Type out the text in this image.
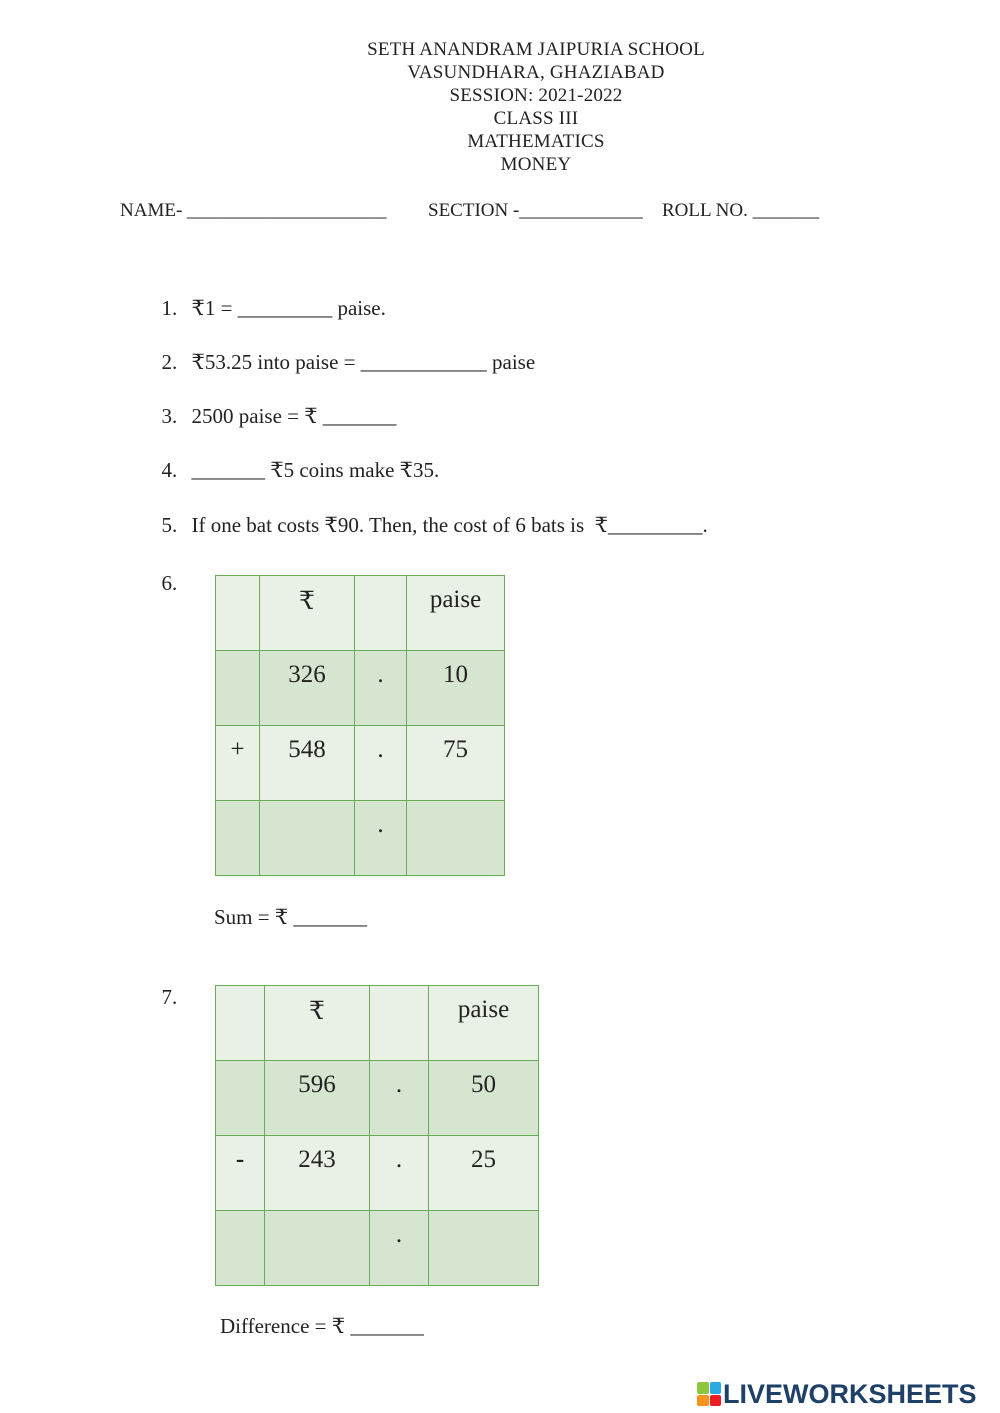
SETH ANANDRAM JAIPURIA SCHOOL
VASUNDHARA, GHAZIABAD
SESSION: 2021-2022
CLASS III
MATHEMATICS
MONEY
NAME- _____________________ SECTION -_____________ ROLL NO. _______

1. ₹1 = _________ paise.

2. ₹53.25 into paise = ____________ paise

3. 2500 paise = ₹ _______

4. _______ ₹5 coins make ₹35.

5. If one bat costs ₹90. Then, the cost of 6 bats is  ₹_________.

6.

	₹		paise
	326	.	10
+	548	.	75
		.	
Sum = ₹ _______

7.

	₹		paise
	596	.	50
-	243	.	25
		.	
Difference = ₹ _______
LIVEWORKSHEETS
